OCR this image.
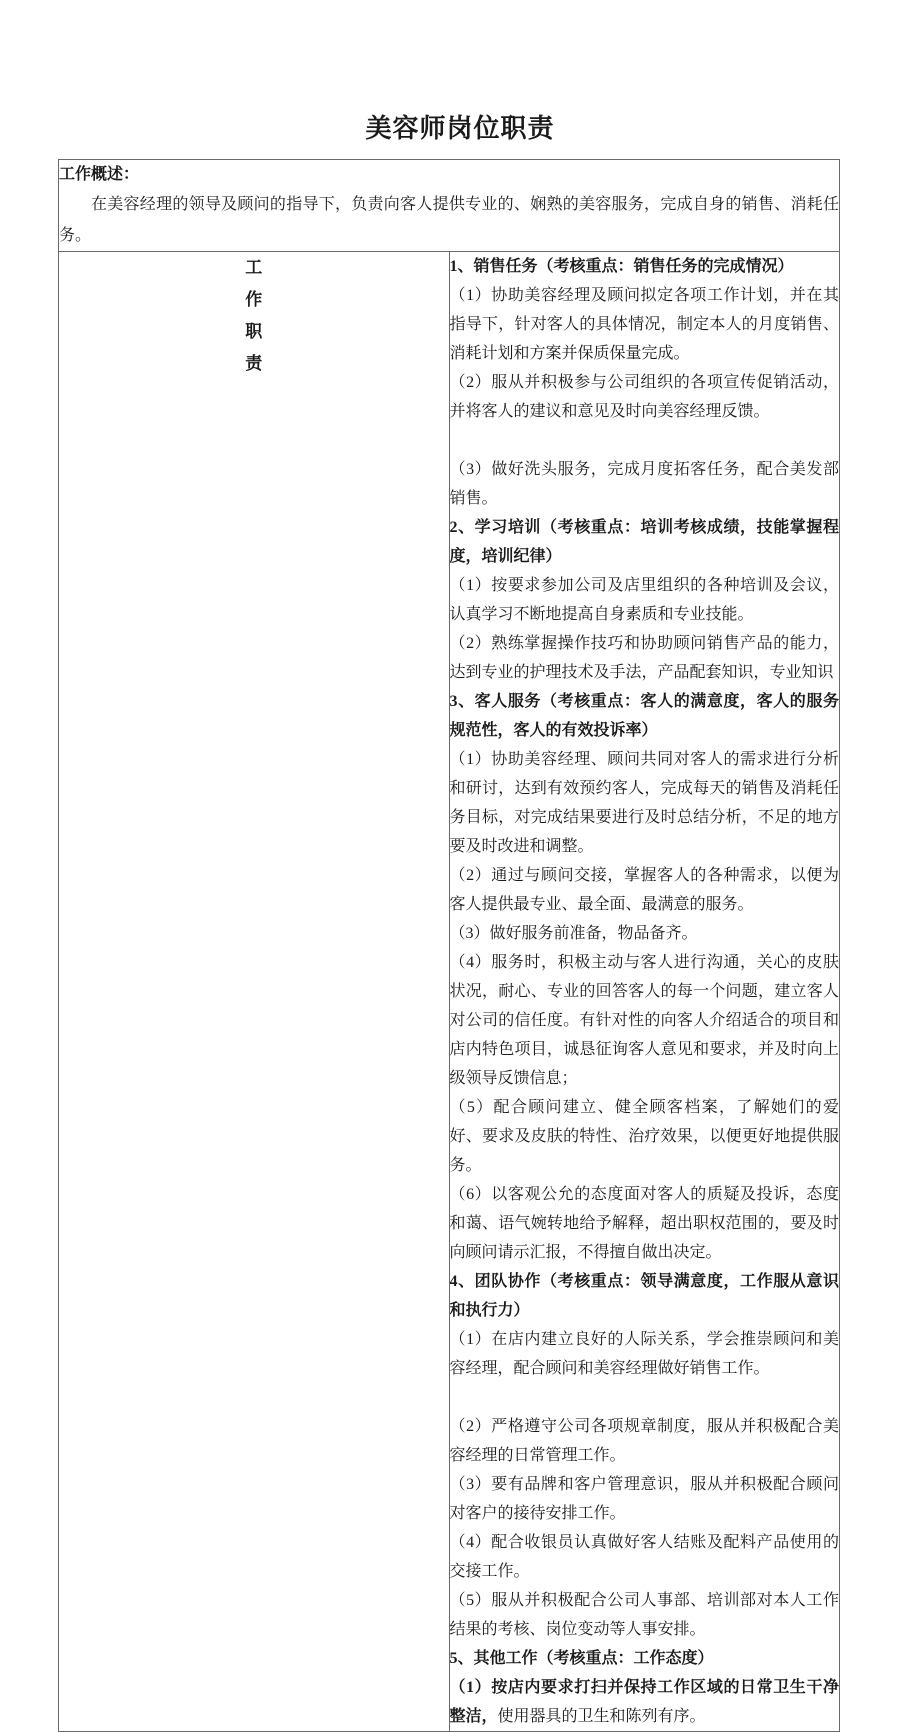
美容师岗位职责

工作概述：

在美容经理的领导及顾问的指导下，负责向客人提供专业的、娴熟的美容服务，完成自身的销售、消耗任务。

工
作
职
责

1、销售任务（考核重点：销售任务的完成情况）

（1）协助美容经理及顾问拟定各项工作计划，并在其指导下，针对客人的具体情况，制定本人的月度销售、消耗计划和方案并保质保量完成。

（2）服从并积极参与公司组织的各项宣传促销活动，并将客人的建议和意见及时向美容经理反馈。

（3）做好洗头服务，完成月度拓客任务，配合美发部销售。

2、学习培训（考核重点：培训考核成绩，技能掌握程度，培训纪律）

（1）按要求参加公司及店里组织的各种培训及会议，认真学习不断地提高自身素质和专业技能。

（2）熟练掌握操作技巧和协助顾问销售产品的能力，达到专业的护理技术及手法，产品配套知识，专业知识

3、客人服务（考核重点：客人的满意度，客人的服务规范性，客人的有效投诉率）

（1）协助美容经理、顾问共同对客人的需求进行分析和研讨，达到有效预约客人，完成每天的销售及消耗任务目标，对完成结果要进行及时总结分析，不足的地方要及时改进和调整。

（2）通过与顾问交接，掌握客人的各种需求，以便为客人提供最专业、最全面、最满意的服务。

（3）做好服务前准备，物品备齐。

（4）服务时，积极主动与客人进行沟通，关心的皮肤状况，耐心、专业的回答客人的每一个问题，建立客人对公司的信任度。有针对性的向客人介绍适合的项目和店内特色项目，诚恳征询客人意见和要求，并及时向上级领导反馈信息；

（5）配合顾问建立、健全顾客档案，了解她们的爱好、要求及皮肤的特性、治疗效果，以便更好地提供服务。

（6）以客观公允的态度面对客人的质疑及投诉，态度和蔼、语气婉转地给予解释，超出职权范围的，要及时向顾问请示汇报，不得擅自做出决定。

4、团队协作（考核重点：领导满意度，工作服从意识和执行力）

（1）在店内建立良好的人际关系，学会推崇顾问和美容经理，配合顾问和美容经理做好销售工作。

（2）严格遵守公司各项规章制度，服从并积极配合美容经理的日常管理工作。

（3）要有品牌和客户管理意识，服从并积极配合顾问对客户的接待安排工作。

（4）配合收银员认真做好客人结账及配料产品使用的交接工作。

（5）服从并积极配合公司人事部、培训部对本人工作结果的考核、岗位变动等人事安排。

5、其他工作（考核重点：工作态度）

（1）按店内要求打扫并保持工作区域的日常卫生干净整洁，使用器具的卫生和陈列有序。
